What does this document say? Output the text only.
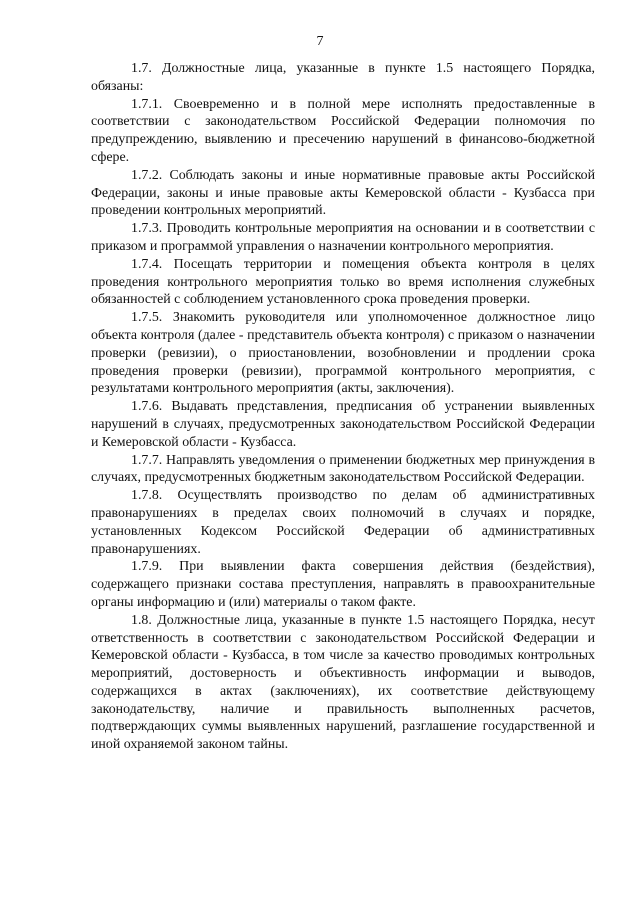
7

1.7. Должностные лица, указанные в пункте 1.5 настоящего Порядка, обязаны:

1.7.1. Своевременно и в полной мере исполнять предоставленные в соответствии с законодательством Российской Федерации полномочия по предупреждению, выявлению и пресечению нарушений в финансово-бюджетной сфере.

1.7.2. Соблюдать законы и иные нормативные правовые акты Российской Федерации, законы и иные правовые акты Кемеровской области - Кузбасса при проведении контрольных мероприятий.

1.7.3. Проводить контрольные мероприятия на основании и в соответствии с приказом и программой управления о назначении контрольного мероприятия.

1.7.4. Посещать территории и помещения объекта контроля в целях проведения контрольного мероприятия только во время исполнения служебных обязанностей с соблюдением установленного срока проведения проверки.

1.7.5. Знакомить руководителя или уполномоченное должностное лицо объекта контроля (далее - представитель объекта контроля) с приказом о назначении проверки (ревизии), о приостановлении, возобновлении и продлении срока проведения проверки (ревизии), программой контрольного мероприятия, с результатами контрольного мероприятия (акты, заключения).

1.7.6. Выдавать представления, предписания об устранении выявленных нарушений в случаях, предусмотренных законодательством Российской Федерации и Кемеровской области - Кузбасса.

1.7.7. Направлять уведомления о применении бюджетных мер принуждения в случаях, предусмотренных бюджетным законодательством Российской Федерации.

1.7.8. Осуществлять производство по делам об административных правонарушениях в пределах своих полномочий в случаях и порядке, установленных Кодексом Российской Федерации об административных правонарушениях.

1.7.9. При выявлении факта совершения действия (бездействия), содержащего признаки состава преступления, направлять в правоохранительные органы информацию и (или) материалы о таком факте.

1.8. Должностные лица, указанные в пункте 1.5 настоящего Порядка, несут ответственность в соответствии с законодательством Российской Федерации и Кемеровской области - Кузбасса, в том числе за качество проводимых контрольных мероприятий, достоверность и объективность информации и выводов, содержащихся в актах (заключениях), их соответствие действующему законодательству, наличие и правильность выполненных расчетов, подтверждающих суммы выявленных нарушений, разглашение государственной и иной охраняемой законом тайны.
